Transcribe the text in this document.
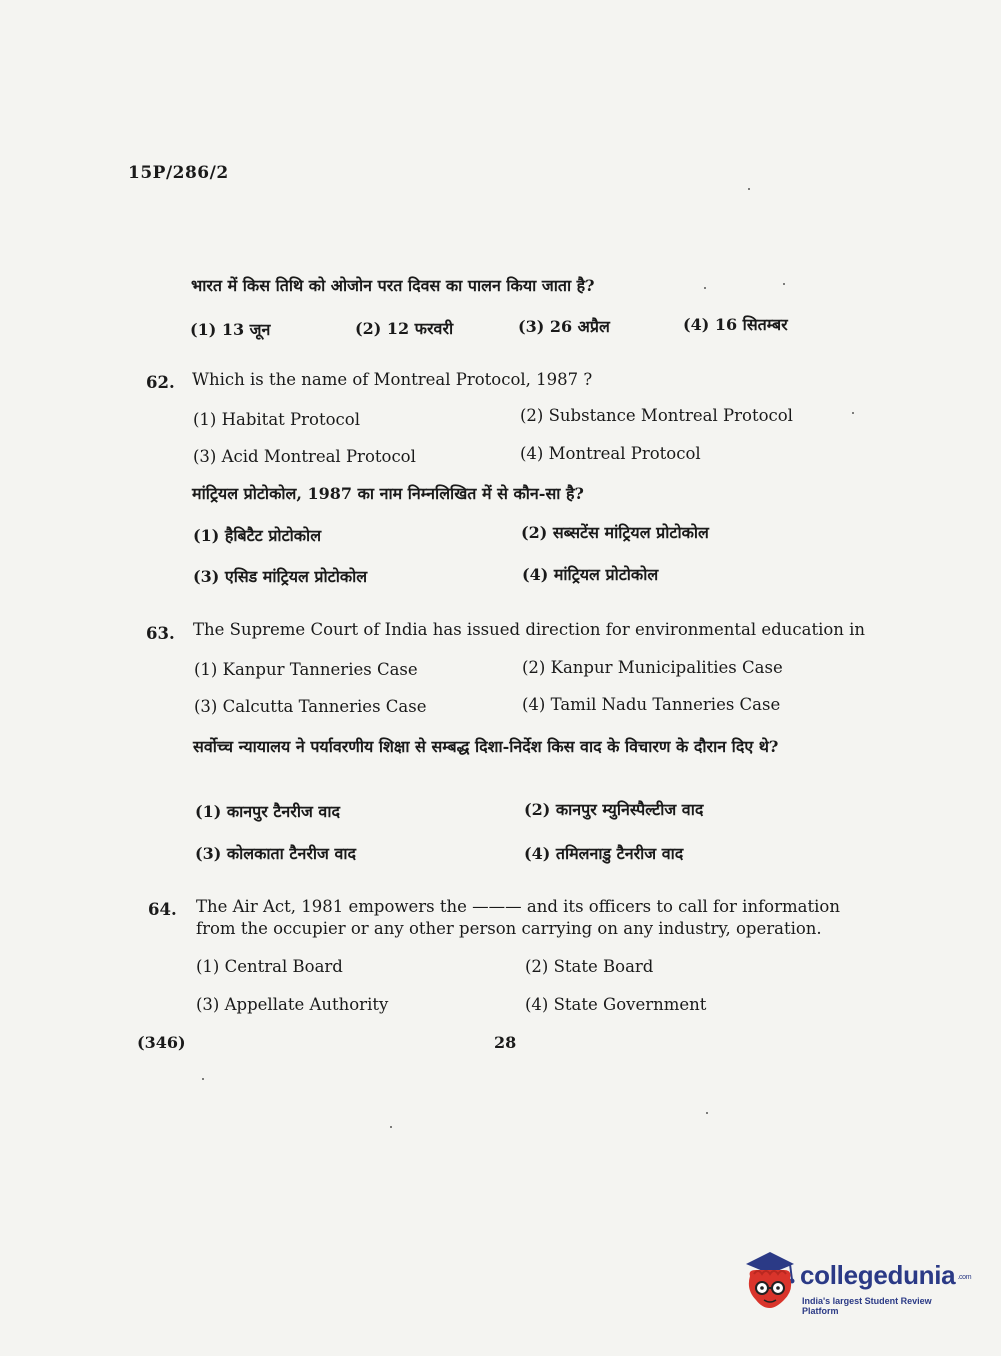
15P/286/2
भारत में किस तिथि को ओजोन परत दिवस का पालन किया जाता है?
(1) 13 जून	(2) 12 फरवरी	(3) 26 अप्रैल	(4) 16 सितम्बर
62. Which is the name of Montreal Protocol, 1987 ?
(1) Habitat Protocol	(2) Substance Montreal Protocol
(3) Acid Montreal Protocol	(4) Montreal Protocol
मांट्रियल प्रोटोकोल, 1987 का नाम निम्नलिखित में से कौन-सा है?
(1) हैबिटैट प्रोटोकोल	(2) सब्सटेंस मांट्रियल प्रोटोकोल
(3) एसिड मांट्रियल प्रोटोकोल	(4) मांट्रियल प्रोटोकोल
63. The Supreme Court of India has issued direction for environmental education in
(1) Kanpur Tanneries Case	(2) Kanpur Municipalities Case
(3) Calcutta Tanneries Case	(4) Tamil Nadu Tanneries Case
सर्वोच्च न्यायालय ने पर्यावरणीय शिक्षा से सम्बद्ध दिशा-निर्देश किस वाद के विचारण के दौरान दिए थे?
(1) कानपुर टैनरीज वाद	(2) कानपुर म्युनिस्पैल्टीज वाद
(3) कोलकाता टैनरीज वाद	(4) तमिलनाडु टैनरीज वाद
64. The Air Act, 1981 empowers the ——— and its officers to call for information
from the occupier or any other person carrying on any industry, operation.
(1) Central Board	(2) State Board
(3) Appellate Authority	(4) State Government
(346)	28
collegedunia .com
India's largest Student Review Platform
